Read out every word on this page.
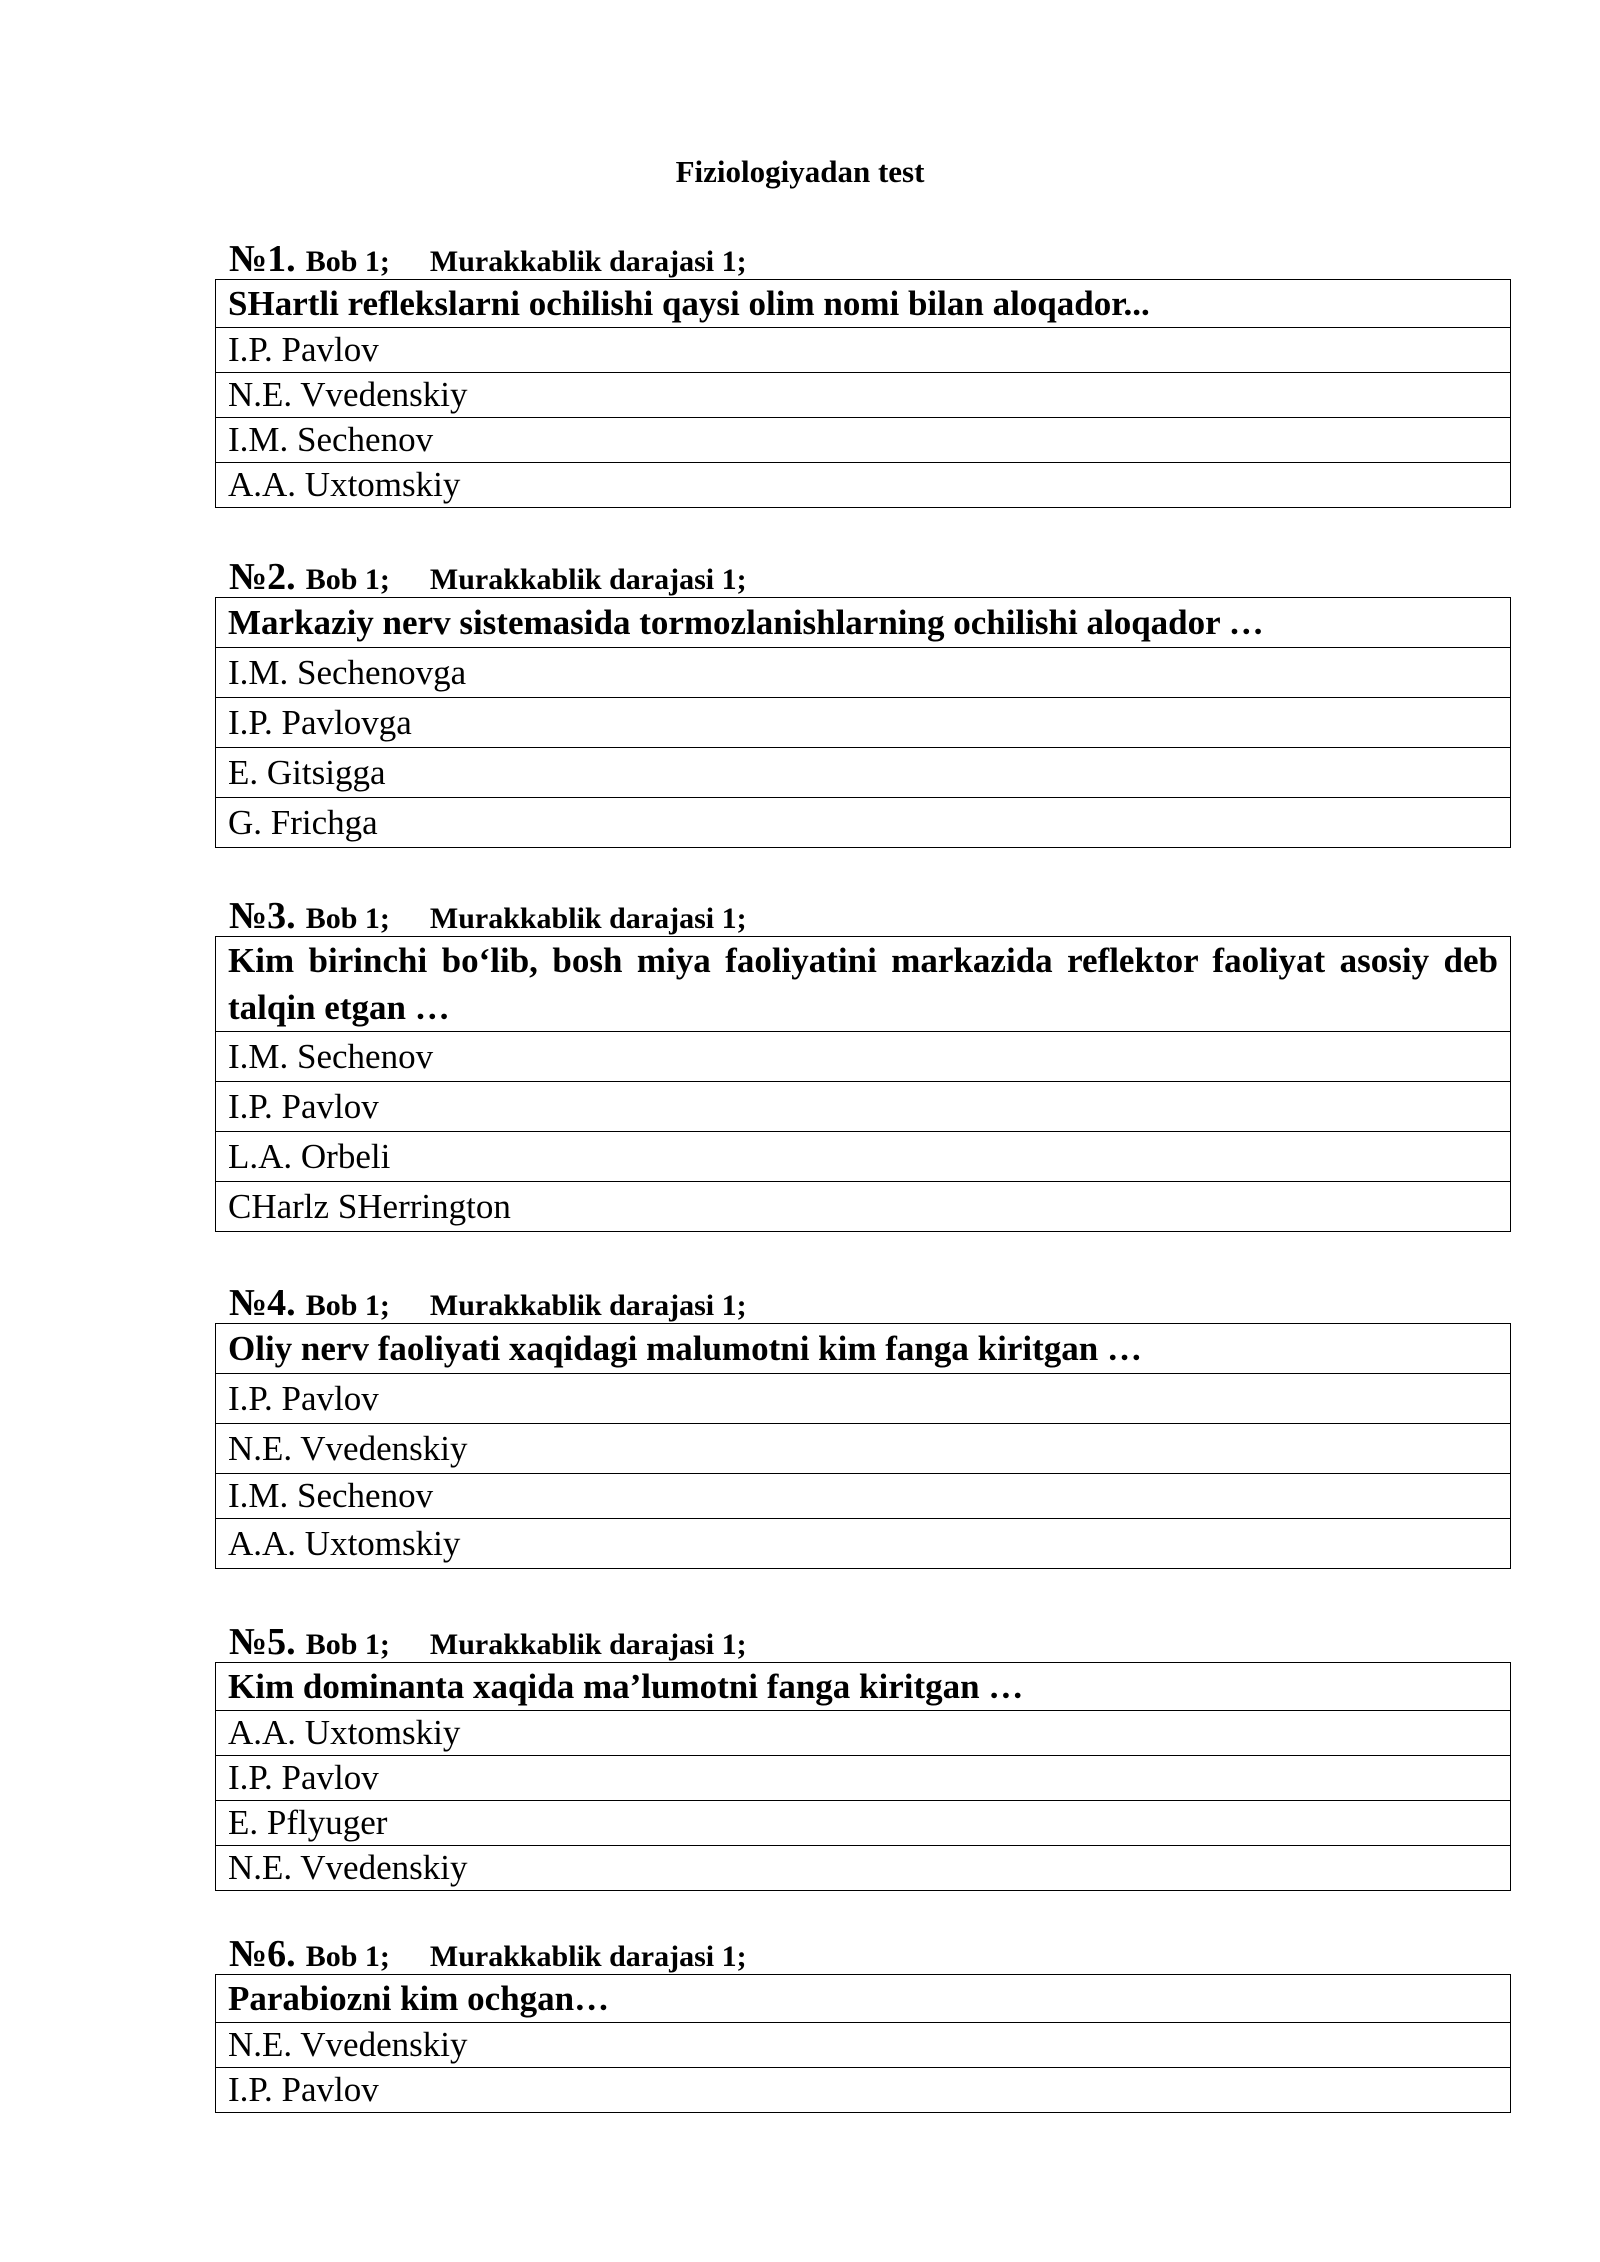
Fiziologiyadan test
№1. Bob 1; Murakkablik darajasi 1;
SHartli reflekslarni ochilishi qaysi olim nomi bilan aloqador...
I.P. Pavlov
N.E. Vvedenskiy
I.M. Sechenov
A.A. Uxtomskiy
№2. Bob 1; Murakkablik darajasi 1;
Markaziy nerv sistemasida tormozlanishlarning ochilishi aloqador …
I.M. Sechenovga
I.P. Pavlovga
E. Gitsigga
G. Frichga
№3. Bob 1; Murakkablik darajasi 1;
Kim birinchi bo‘lib, bosh miya faoliyatini markazida reflektor faoliyat asosiy deb talqin etgan …
I.M. Sechenov
I.P. Pavlov
L.A. Orbeli
CHarlz SHerrington
№4. Bob 1; Murakkablik darajasi 1;
Oliy nerv faoliyati xaqidagi malumotni kim fanga kiritgan …
I.P. Pavlov
N.E. Vvedenskiy
I.M. Sechenov
A.A. Uxtomskiy
№5. Bob 1; Murakkablik darajasi 1;
Kim dominanta xaqida ma’lumotni fanga kiritgan …
A.A. Uxtomskiy
I.P. Pavlov
E. Pflyuger
N.E. Vvedenskiy
№6. Bob 1; Murakkablik darajasi 1;
Parabiozni kim ochgan…
N.E. Vvedenskiy
I.P. Pavlov
